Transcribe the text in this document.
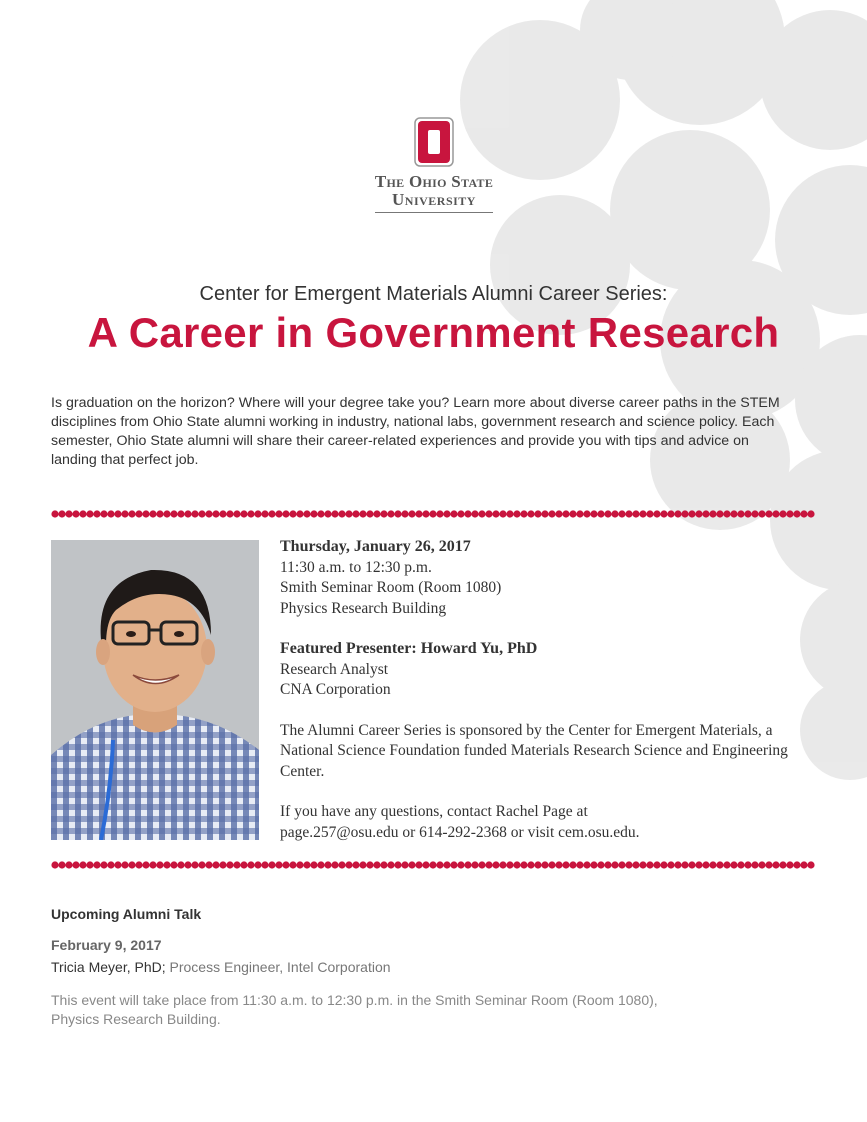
The Ohio State
University
Center for Emergent Materials Alumni Career Series:
A Career in Government Research
Is graduation on the horizon? Where will your degree take you? Learn more about diverse career paths in the STEM disciplines from Ohio State alumni working in industry, national labs, government research and science policy. Each semester, Ohio State alumni will share their career-related experiences and provide you with tips and advice on landing that perfect job.

Thursday, January 26, 2017

11:30 a.m. to 12:30 p.m.

Smith Seminar Room (Room 1080)

Physics Research Building

Featured Presenter: Howard Yu, PhD

Research Analyst

CNA Corporation

The Alumni Career Series is sponsored by the Center for Emergent Materials, a National Science Foundation funded Materials Research Science and Engineering Center.

If you have any questions, contact Rachel Page at

page.257@osu.edu or 614-292-2368 or visit cem.osu.edu.

Upcoming Alumni Talk
February 9, 2017
Tricia Meyer, PhD; Process Engineer, Intel Corporation
This event will take place from 11:30 a.m. to 12:30 p.m. in the Smith Seminar Room (Room 1080), Physics Research Building.
